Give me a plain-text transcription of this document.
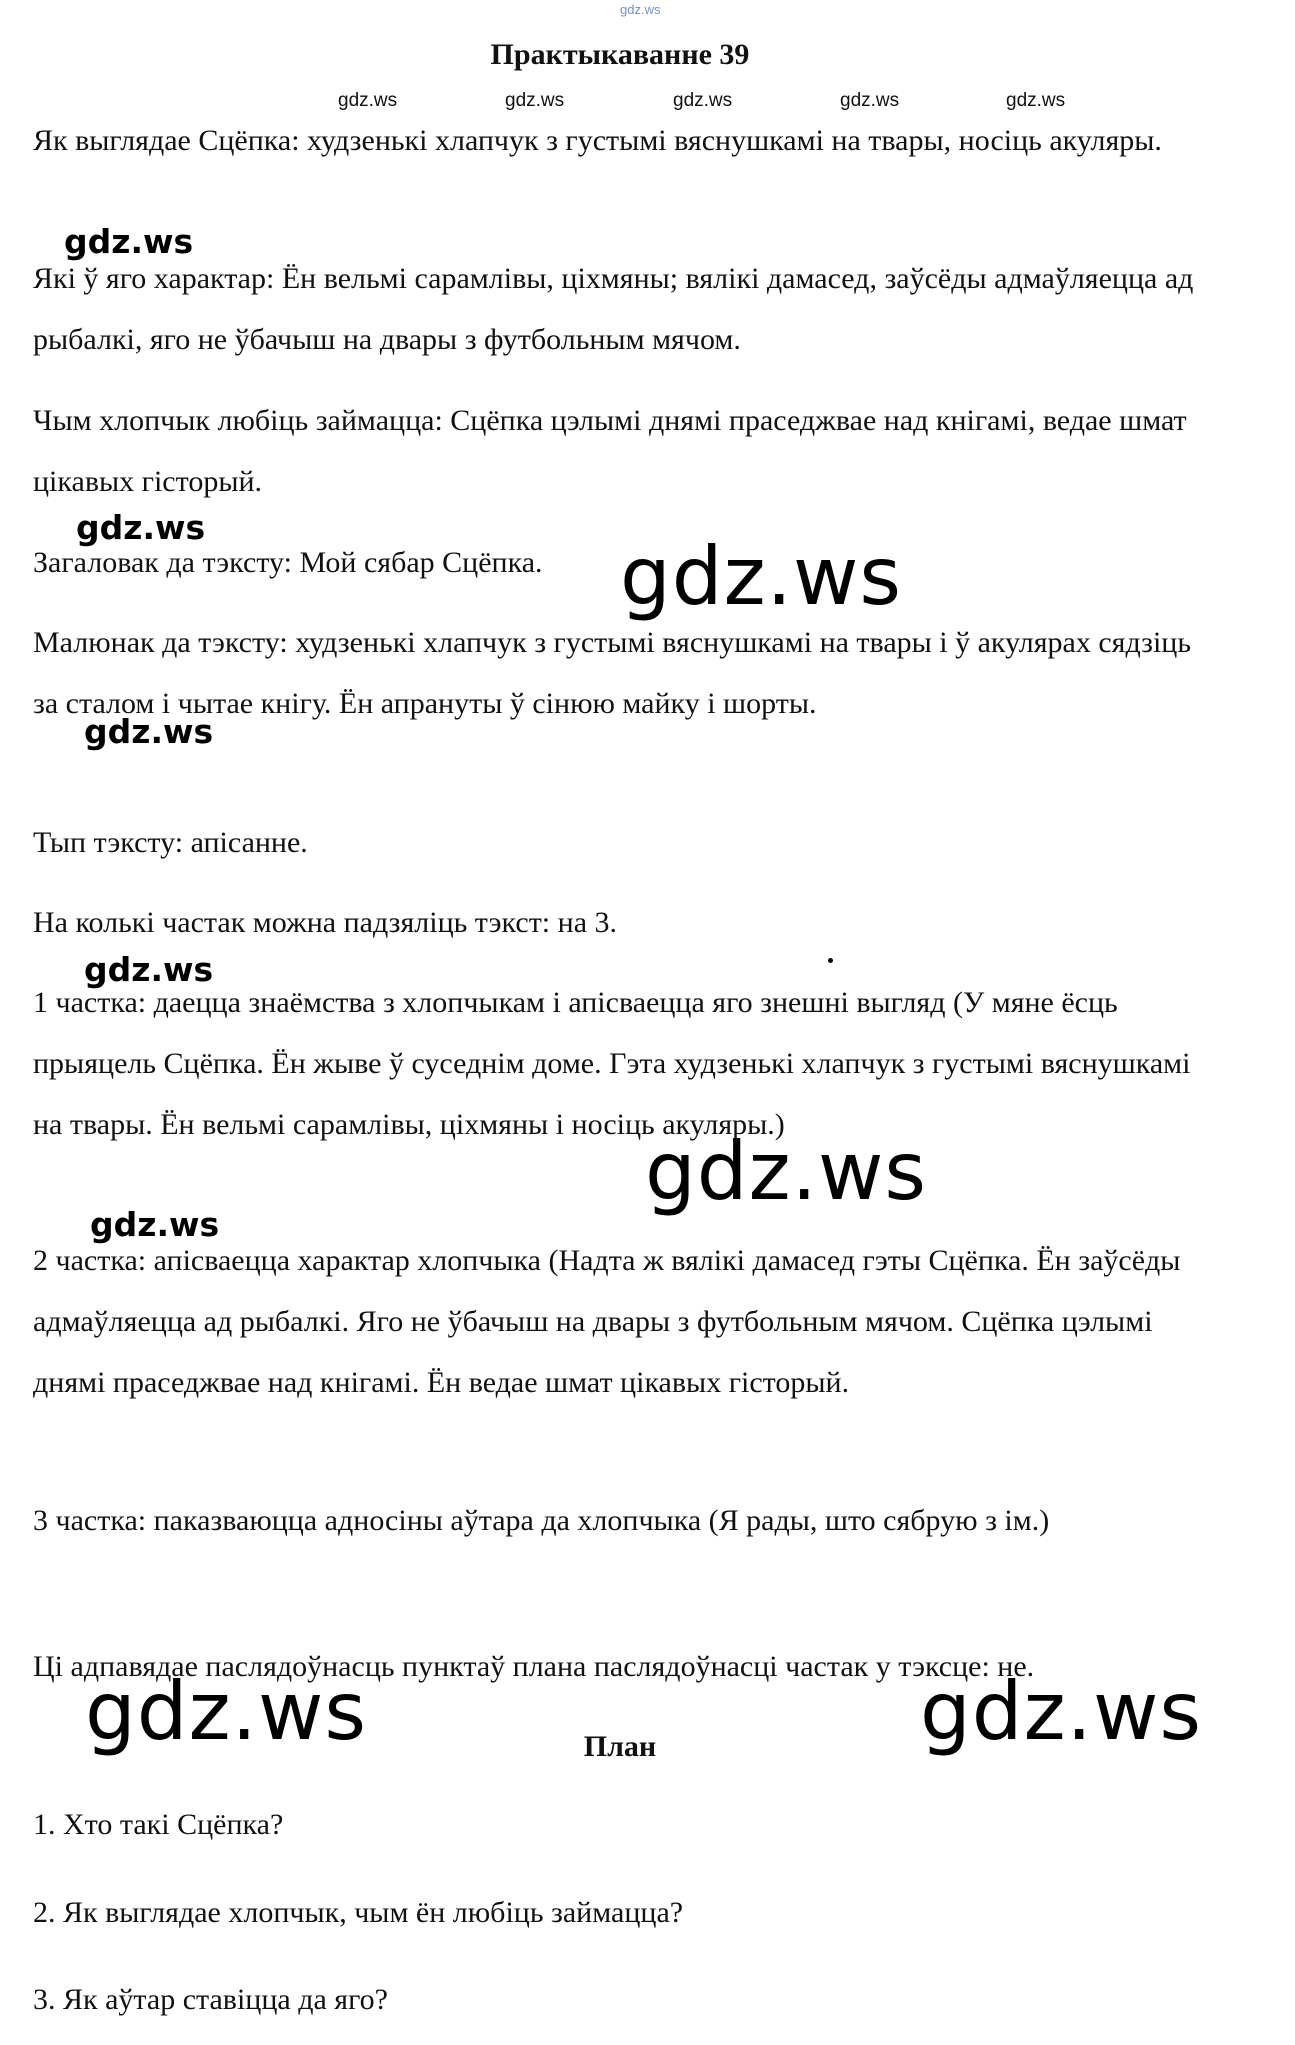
gdz.ws
gdz.ws	gdz.ws	gdz.ws	gdz.ws	gdz.ws
gdz.ws
gdz.ws
gdz.ws
gdz.ws
gdz.ws
Практыкаванне 39
Як выглядае Сцёпка: худзенькі хлапчук з густымі вяснушкамі на твары, носіць акуляры.
Які ў яго характар: Ён вельмі сарамлівы, ціхмяны; вялікі дамасед, заўсёды адмаўляецца ад рыбалкі, яго не ўбачыш на двары з футбольным мячом.
Чым хлопчык любіць займацца: Сцёпка цэлымі днямі праседжвае над кнігамі, ведае шмат цікавых гісторый.
Загаловак да тэксту: Мой сябар Сцёпка.
Малюнак да тэксту: худзенькі хлапчук з густымі вяснушкамі на твары і ў акулярах сядзіць за сталом і чытае кнігу. Ён апрануты ў сінюю майку і шорты.
Тып тэксту: апісанне.
На колькі частак можна падзяліць тэкст: на 3.
1 частка: даецца знаёмства з хлопчыкам і апісваецца яго знешні выгляд (У мяне ёсць прыяцель Сцёпка. Ён жыве ў суседнім доме. Гэта худзенькі хлапчук з густымі вяснушкамі на твары. Ён вельмі сарамлівы, ціхмяны і носіць акуляры.)
2 частка: апісваецца характар хлопчыка (Надта ж вялікі дамасед гэты Сцёпка. Ён заўсёды адмаўляецца ад рыбалкі. Яго не ўбачыш на двары з футбольным мячом. Сцёпка цэлымі днямі праседжвае над кнігамі. Ён ведае шмат цікавых гісторый.
3 частка: паказваюцца адносіны аўтара да хлопчыка (Я рады, што сябрую з ім.)
Ці адпавядае паслядоўнасць пунктаў плана паслядоўнасці частак у тэксце: не.
План
1. Хто такі Сцёпка?
2. Як выглядае хлопчык, чым ён любіць займацца?
3. Як аўтар ставіцца да яго?
gdz.ws
gdz.ws
gdz.ws	gdz.ws
